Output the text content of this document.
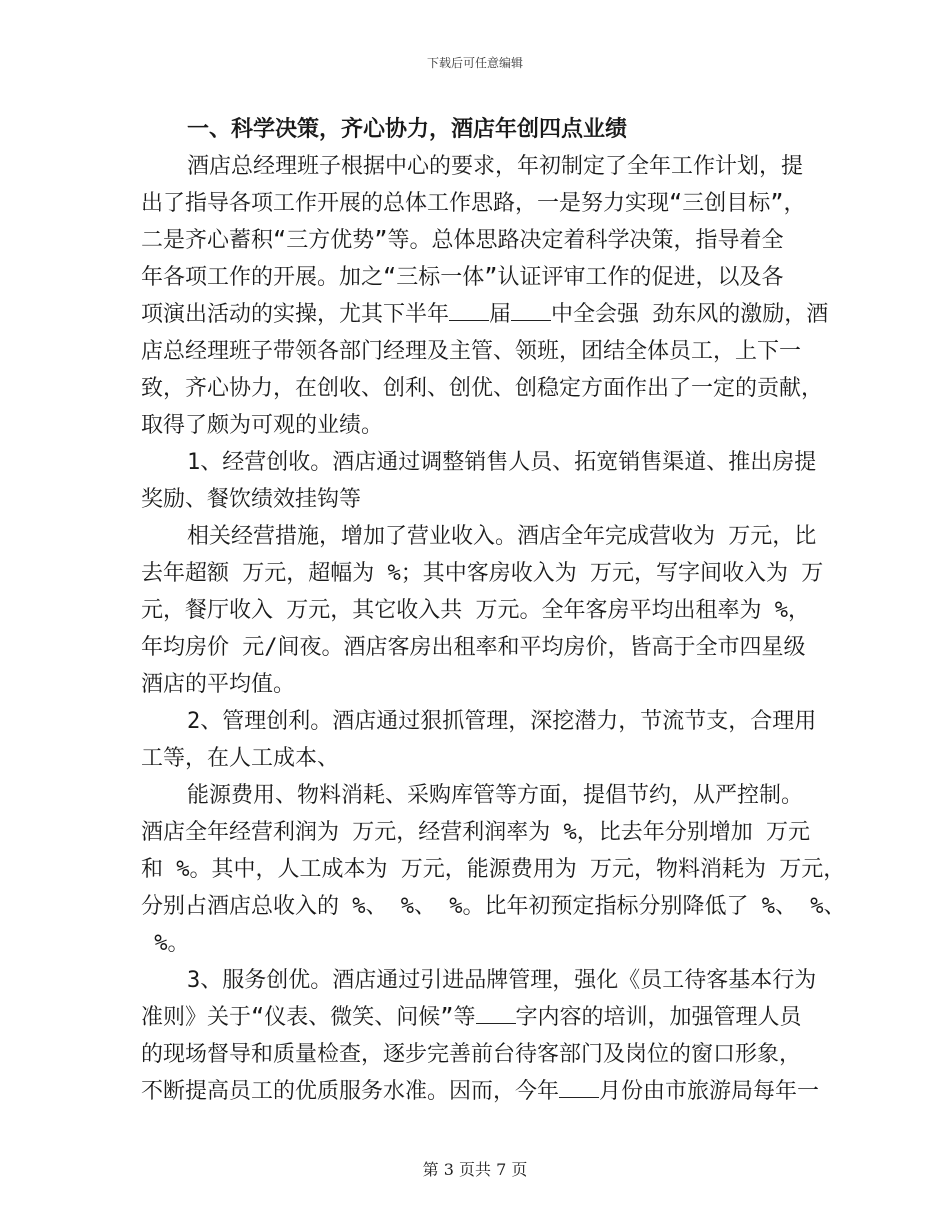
下载后可任意编辑
一、科学决策，齐心协力，酒店年创四点业绩
酒店总经理班子根据中心的要求，年初制定了全年工作计划，提
出了指导各项工作开展的总体工作思路，一是努力实现“三创目标”，
二是齐心蓄积“三方优势”等。总体思路决定着科学决策，指导着全
年各项工作的开展。加之“三标一体”认证评审工作的促进，以及各
项演出活动的实操，尤其下半年 届 中全会强 劲东风的激励，酒
店总经理班子带领各部门经理及主管、领班，团结全体员工，上下一
致，齐心协力，在创收、创利、创优、创稳定方面作出了一定的贡献，
取得了颇为可观的业绩。
1、经营创收。酒店通过调整销售人员、拓宽销售渠道、推出房提
奖励、餐饮绩效挂钩等
相关经营措施，增加了营业收入。酒店全年完成营收为 万元，比
去年超额 万元，超幅为 %；其中客房收入为 万元，写字间收入为 万
元，餐厅收入 万元，其它收入共 万元。全年客房平均出租率为 %，
年均房价 元/间夜。酒店客房出租率和平均房价，皆高于全市四星级
酒店的平均值。
2、管理创利。酒店通过狠抓管理，深挖潜力，节流节支，合理用
工等，在人工成本、
能源费用、物料消耗、采购库管等方面，提倡节约，从严控制。
酒店全年经营利润为 万元，经营利润率为 %，比去年分别增加 万元
和 %。其中，人工成本为 万元，能源费用为 万元，物料消耗为 万元，
分别占酒店总收入的 %、 %、 %。比年初预定指标分别降低了 %、 %、
%。
3、服务创优。酒店通过引进品牌管理，强化《员工待客基本行为
准则》关于“仪表、微笑、问候”等 字内容的培训，加强管理人员
的现场督导和质量检查，逐步完善前台待客部门及岗位的窗口形象，
不断提高员工的优质服务水准。因而，今年 月份由市旅游局每年一
第 3 页共 7 页
